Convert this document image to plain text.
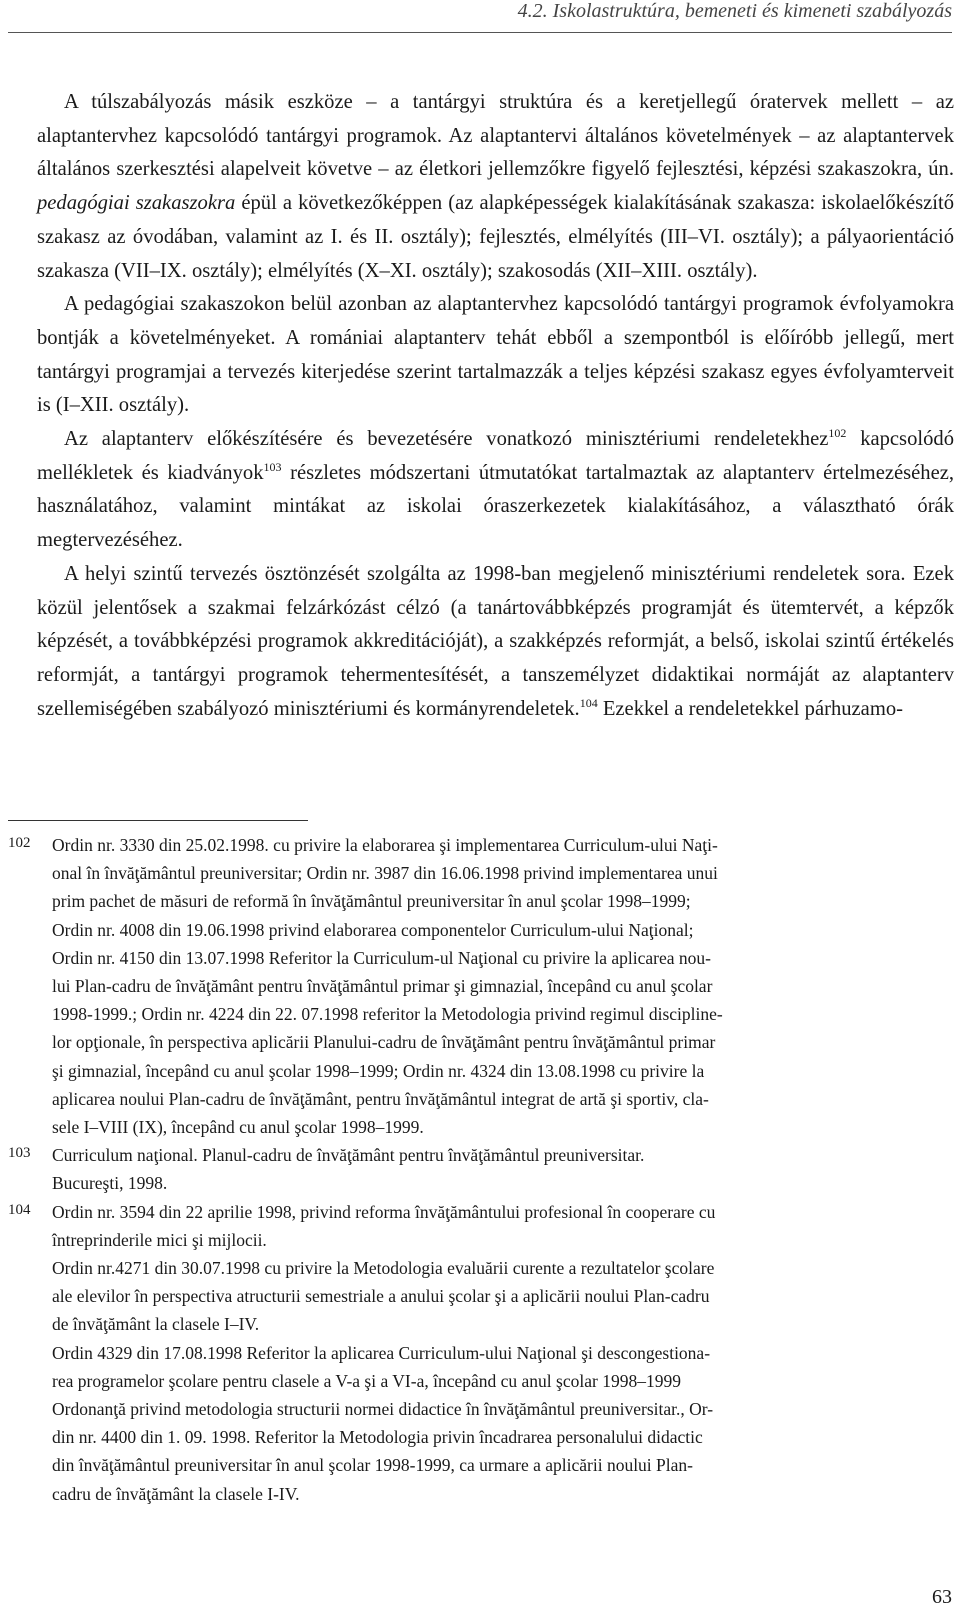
4.2. Iskolastruktúra, bemeneti és kimeneti szabályozás

A túlszabályozás másik eszköze – a tantárgyi struktúra és a keretjellegű óratervek mellett – az alaptantervhez kapcsolódó tantárgyi programok. Az alaptantervi általános követelmények – az alaptantervek általános szerkesztési alapelveit követve – az életkori jellemzőkre figyelő fejlesztési, képzési szakaszokra, ún. pedagógiai szakaszokra épül a következőképpen (az alapképességek kialakításának szakasza: iskolaelőkészítő szakasz az óvodában, valamint az I. és II. osztály); fejlesztés, elmélyítés (III–VI. osztály); a pályaorientáció szakasza (VII–IX. osztály); elmélyítés (X–XI. osztály); szakosodás (XII–XIII. osztály).

A pedagógiai szakaszokon belül azonban az alaptantervhez kapcsolódó tantárgyi programok évfolyamokra bontják a követelményeket. A romániai alaptanterv tehát ebből a szempontból is előíróbb jellegű, mert tantárgyi programjai a tervezés kiterjedése szerint tartalmazzák a teljes képzési szakasz egyes évfolyamterveit is (I–XII. osztály).

Az alaptanterv előkészítésére és bevezetésére vonatkozó minisztériumi rendeletekhez$^{102}$ kapcsolódó mellékletek és kiadványok$^{103}$ részletes módszertani útmutatókat tartalmaztak az alaptanterv értelmezéséhez, használatához, valamint mintákat az iskolai óraszerkezetek kialakításához, a választható órák megtervezéséhez.

A helyi szintű tervezés ösztönzését szolgálta az 1998-ban megjelenő minisztériumi rendeletek sora. Ezek közül jelentősek a szakmai felzárkózást célzó (a tanártovábbképzés programját és ütemtervét, a képzők képzését, a továbbképzési programok akkreditációját), a szakképzés reformját, a belső, iskolai szintű értékelés reformját, a tantárgyi programok tehermentesítését, a tanszemélyzet didaktikai normáját az alaptanterv szellemiségében szabályozó minisztériumi és kormányrendeletek.$^{104}$ Ezekkel a rendeletekkel párhuzamo-

102 Ordin nr. 3330 din 25.02.1998. cu privire la elaborarea şi implementarea Curriculum-ului Naţi-
onal în învăţământul preuniversitar; Ordin nr. 3987 din 16.06.1998 privind implementarea unui
prim pachet de măsuri de reformă în învăţământul preuniversitar în anul şcolar 1998–1999;
Ordin nr. 4008 din 19.06.1998 privind elaborarea componentelor Curriculum-ului Naţional;
Ordin nr. 4150 din 13.07.1998 Referitor la Curriculum-ul Naţional cu privire la aplicarea nou-
lui Plan-cadru de învăţământ pentru învăţământul primar şi gimnazial, începând cu anul şcolar
1998-1999.; Ordin nr. 4224 din 22. 07.1998 referitor la Metodologia privind regimul discipline-
lor opţionale, în perspectiva aplicării Planului-cadru de învăţământ pentru învăţământul primar
şi gimnazial, începând cu anul şcolar 1998–1999; Ordin nr. 4324 din 13.08.1998 cu privire la
aplicarea noului Plan-cadru de învăţământ, pentru învăţământul integrat de artă şi sportiv, cla-
sele I–VIII (IX), începând cu anul şcolar 1998–1999.
103 Curriculum naţional. Planul-cadru de învăţământ pentru învăţământul preuniversitar.
Bucureşti, 1998.
104 Ordin nr. 3594 din 22 aprilie 1998, privind reforma învăţământului profesional în cooperare cu
întreprinderile mici şi mijlocii.
Ordin nr.4271 din 30.07.1998 cu privire la Metodologia evaluării curente a rezultatelor şcolare
ale elevilor în perspectiva atructurii semestriale a anului şcolar şi a aplicării noului Plan-cadru
de învăţământ la clasele I–IV.
Ordin 4329 din 17.08.1998 Referitor la aplicarea Curriculum-ului Naţional şi descongestiona-
rea programelor şcolare pentru clasele a V-a şi a VI-a, începând cu anul şcolar 1998–1999
Ordonanţă privind metodologia structurii normei didactice în învăţământul preuniversitar., Or-
din nr. 4400 din 1. 09. 1998. Referitor la Metodologia privin încadrarea personalului didactic
din învăţământul preuniversitar în anul şcolar 1998-1999, ca urmare a aplicării noului Plan-
cadru de învăţământ la clasele I-IV.
63
